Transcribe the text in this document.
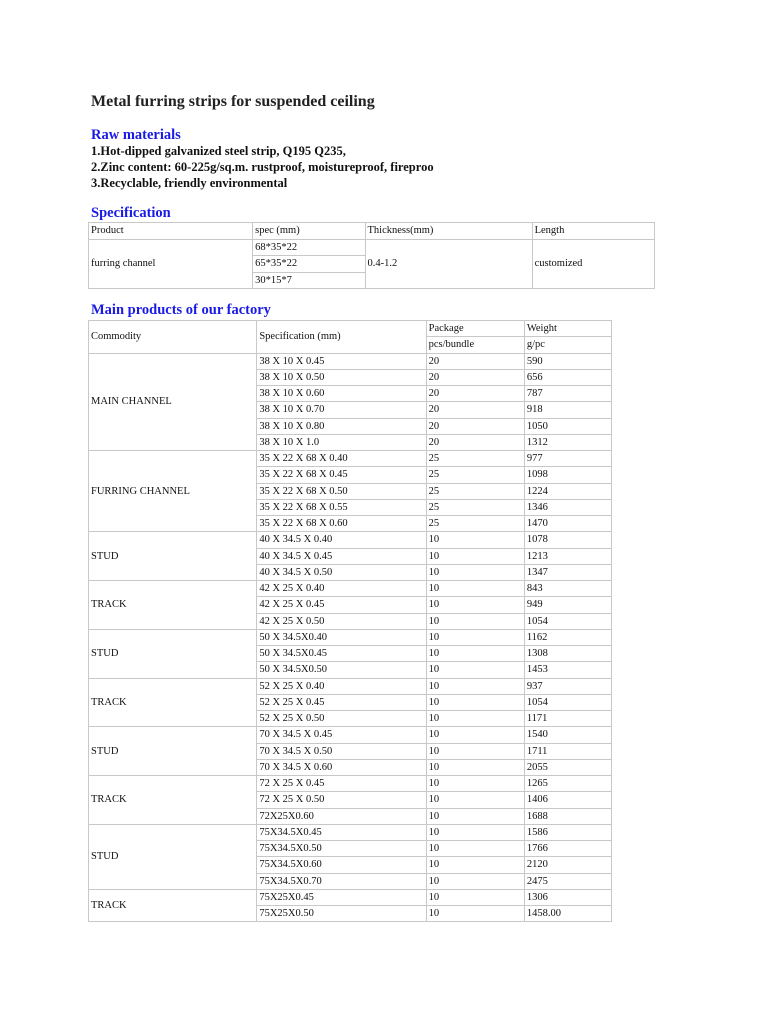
Metal furring strips for suspended ceiling
Raw materials
1.Hot-dipped galvanized steel strip, Q195 Q235,
2.Zinc content: 60-225g/sq.m. rustproof, moistureproof, fireproo
3.Recyclable, friendly environmental
Specification
Product	spec (mm)	Thickness(mm)	Length
furring channel	68*35*22	0.4-1.2	customized
	65*35*22		
	30*15*7		
Main products of our factory
Commodity	Specification (mm)	Package	Weight
		pcs/bundle	g/pc
MAIN CHANNEL	38 X 10 X 0.45	20	590
	38 X 10 X 0.50	20	656
	38 X 10 X 0.60	20	787
	38 X 10 X 0.70	20	918
	38 X 10 X 0.80	20	1050
	38 X 10 X 1.0	20	1312
FURRING CHANNEL	35 X 22 X 68 X 0.40	25	977
	35 X 22 X 68 X 0.45	25	1098
	35 X 22 X 68 X 0.50	25	1224
	35 X 22 X 68 X 0.55	25	1346
	35 X 22 X 68 X 0.60	25	1470
STUD	40 X 34.5 X 0.40	10	1078
	40 X 34.5 X 0.45	10	1213
	40 X 34.5 X 0.50	10	1347
TRACK	42 X 25 X 0.40	10	843
	42 X 25 X 0.45	10	949
	42 X 25 X 0.50	10	1054
STUD	50 X 34.5X0.40	10	1162
	50 X 34.5X0.45	10	1308
	50 X 34.5X0.50	10	1453
TRACK	52 X 25 X 0.40	10	937
	52 X 25 X 0.45	10	1054
	52 X 25 X 0.50	10	1171
STUD	70 X 34.5 X 0.45	10	1540
	70 X 34.5 X 0.50	10	1711
	70 X 34.5 X 0.60	10	2055
TRACK	72 X 25 X 0.45	10	1265
	72 X 25 X 0.50	10	1406
	72X25X0.60	10	1688
STUD	75X34.5X0.45	10	1586
	75X34.5X0.50	10	1766
	75X34.5X0.60	10	2120
	75X34.5X0.70	10	2475
TRACK	75X25X0.45	10	1306
	75X25X0.50	10	1458.00
